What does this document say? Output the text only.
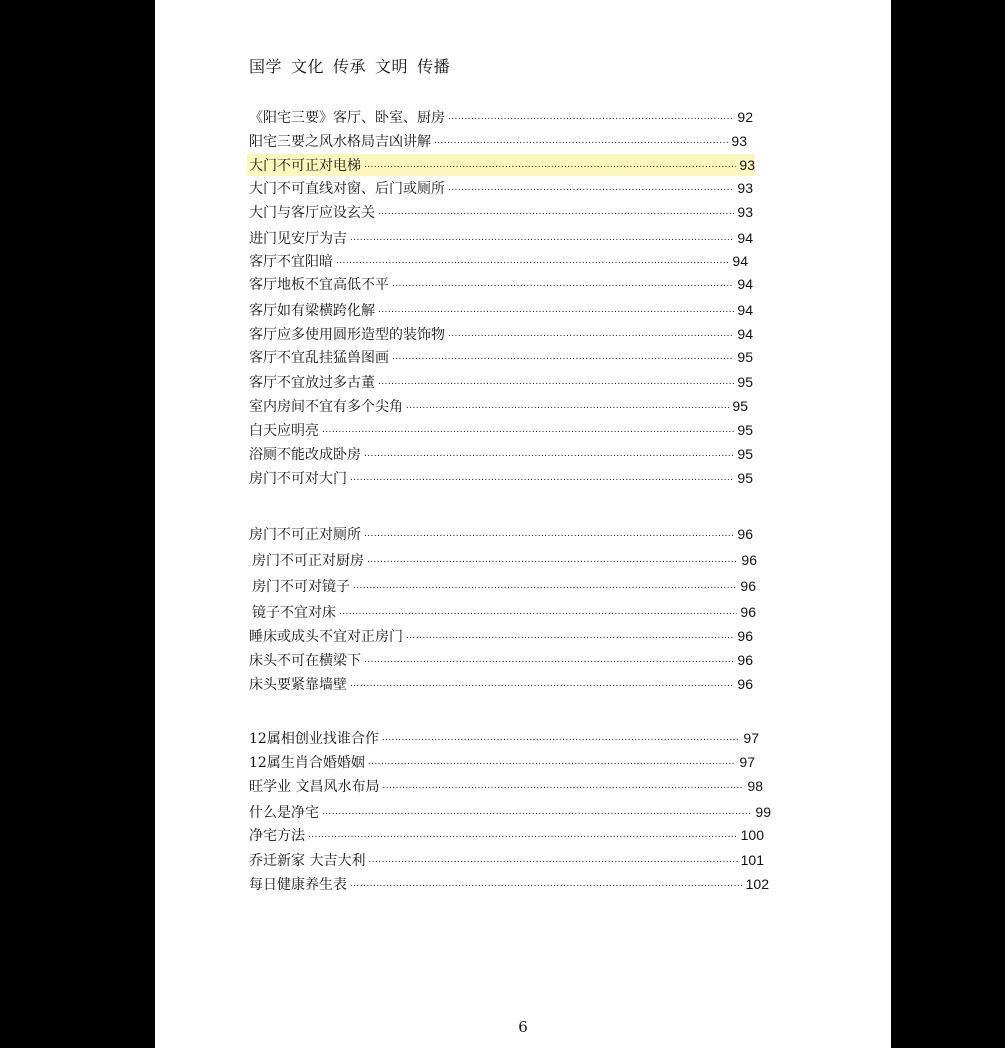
国学 文化 传承 文明 传播
《阳宅三要》客厅、卧室、厨房 .....	92
阳宅三要之风水格局吉凶讲解 .....	93
大门不可正对电梯 .....	93
大门不可直线对窗、后门或厕所 .....	93
大门与客厅应设玄关 .....	93
进门见安厅为吉 .....	94
客厅不宜阳暗 .....	94
客厅地板不宜高低不平 .....	94
客厅如有梁横跨化解 .....	94
客厅应多使用圆形造型的装饰物 .....	94
客厅不宜乱挂猛兽图画 .....	95
客厅不宜放过多古董 .....	95
室内房间不宜有多个尖角 .....	95
白天应明亮 .....	95
浴厕不能改成卧房 .....	95
房门不可对大门 .....	95
房门不可正对厕所 .....	96
房门不可正对厨房 .....	96
房门不可对镜子 .....	96
镜子不宜对床 .....	96
睡床或成头不宜对正房门 .....	96
床头不可在横梁下 .....	96
床头要紧靠墙壁 .....	96
12属相创业找谁合作 .....	97
12属生肖合婚婚姻 .....	97
旺学业 文昌风水布局 .....	98
什么是净宅 .....	99
净宅方法 .....	100
乔迁新家 大吉大利 .....	101
每日健康养生表 .....	102
6
